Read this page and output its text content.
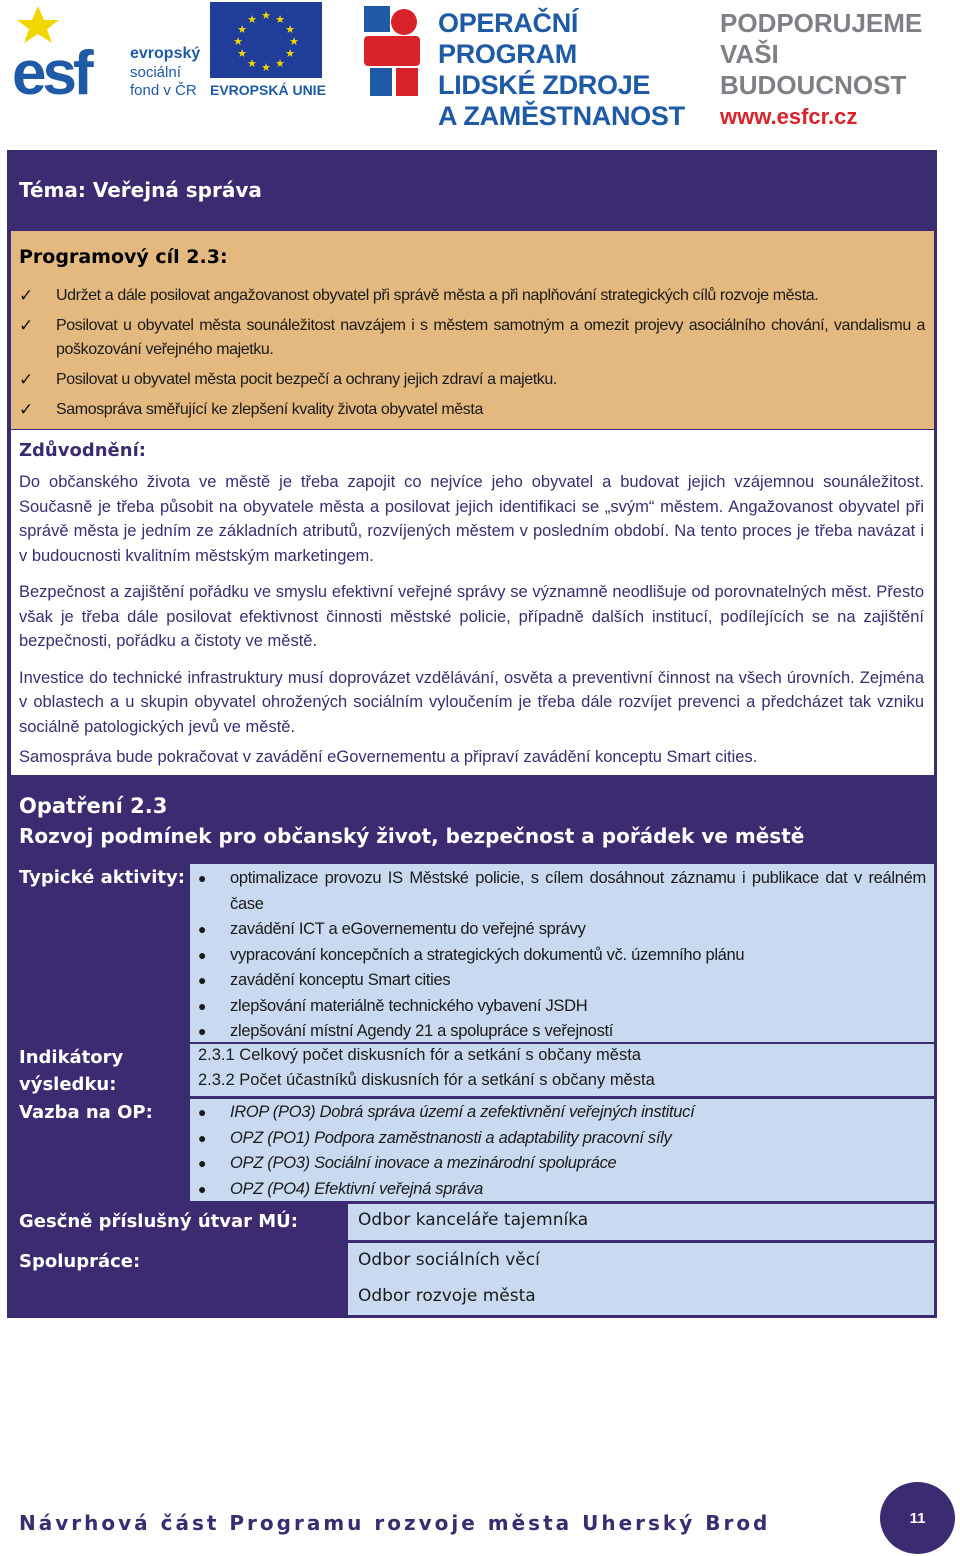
esf	evropský
sociální
fond v ČR
★ ★
★
★
★
★
★
★
★
★
★
★
EVROPSKÁ UNIE
OPERAČNÍ PROGRAM
LIDSKÉ ZDROJE
A ZAMĚSTNANOST
PODPORUJEME
VAŠI BUDOUCNOST
www.esfcr.cz
Téma: Veřejná správa
Programový cíl 2.3:
✓ Udržet a dále posilovat angažovanost obyvatel při správě města a při naplňování strategických cílů rozvoje města.
✓ Posilovat u obyvatel města sounáležitost navzájem i s městem samotným a omezit projevy asociálního chování, vandalismu a poškozování veřejného majetku.
✓ Posilovat u obyvatel města pocit bezpečí a ochrany jejich zdraví a majetku.
✓ Samospráva směřující ke zlepšení kvality života obyvatel města
Zdůvodnění:

Do občanského života ve městě je třeba zapojit co nejvíce jeho obyvatel a budovat jejich vzájemnou sounáležitost. Současně je třeba působit na obyvatele města a posilovat jejich identifikaci se „svým“ městem. Angažovanost obyvatel při správě města je jedním ze základních atributů, rozvíjených městem v posledním období. Na tento proces je třeba navázat i v budoucnosti kvalitním městským marketingem.

Bezpečnost a zajištění pořádku ve smyslu efektivní veřejné správy se významně neodlišuje od porovnatelných měst. Přesto však je třeba dále posilovat efektivnost činnosti městské policie, případně dalších institucí, podílejících se na zajištění bezpečnosti, pořádku a čistoty ve městě.

Investice do technické infrastruktury musí doprovázet vzdělávání, osvěta a preventivní činnost na všech úrovních. Zejména v oblastech a u skupin obyvatel ohrožených sociálním vyloučením je třeba dále rozvíjet prevenci a předcházet tak vzniku sociálně patologických jevů ve městě.

Samospráva bude pokračovat v zavádění eGovernementu a připraví zavádění konceptu Smart cities.

Opatření 2.3
Rozvoj podmínek pro občanský život, bezpečnost a pořádek ve městě
Typické aktivity: ● optimalizace provozu IS Městské policie, s cílem dosáhnout záznamu i publikace dat v reálném čase
● zavádění ICT a eGovernementu do veřejné správy
● vypracování koncepčních a strategických dokumentů vč. územního plánu
● zavádění konceptu Smart cities
● zlepšování materiálně technického vybavení JSDH
● zlepšování místní Agendy 21 a spolupráce s veřejností
Indikátory
výsledku:
2.3.1 Celkový počet diskusních fór a setkání s občany města
2.3.2 Počet účastníků diskusních fór a setkání s občany města
Vazba na OP:	● IROP (PO3) Dobrá správa území a zefektivnění veřejných institucí
● OPZ (PO1) Podpora zaměstnanosti a adaptability pracovní síly
● OPZ (PO3) Sociální inovace a mezinárodní spolupráce
● OPZ (PO4) Efektivní veřejná správa
Gesčně příslušný útvar MÚ:	Odbor kanceláře tajemníka
Spolupráce:	Odbor sociálních věcí
Odbor rozvoje města
Návrhová část Programu rozvoje města Uherský Brod	11
